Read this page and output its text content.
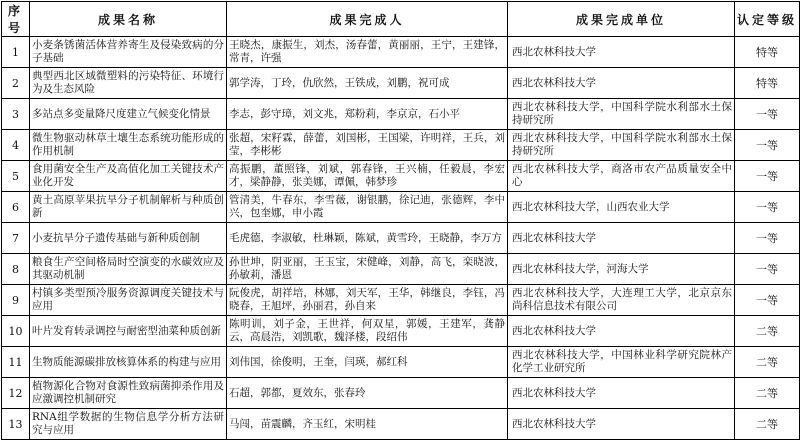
序号	成果名称	成果完成人	成果完成单位	认定等级
1	小麦条锈菌活体营养寄生及侵染致病的分子基础	王晓杰，康振生，刘杰，汤春蕾，黄丽丽，王宁，王建锋，常青，许强	西北农林科技大学	特等
2	典型西北区域微塑料的污染特征、环境行为及生态风险	郭学涛，丁玲，仇欣然，王铁成，刘鹏，祝可成	西北农林科技大学	特等
3	多站点多变量降尺度建立气候变化情景	李志，彭守璋，刘文兆，郑粉莉，李京京，石小平	西北农林科技大学，中国科学院水利部水土保持研究所	一等
4	微生物驱动林草土壤生态系统功能形成的作用机制	张超，宋籽霖，薛蕾，刘国彬，王国梁，许明祥，王兵，刘莹，李彬彬	西北农林科技大学，中国科学院水利部水土保持研究所	一等
5	食用菌安全生产及高值化加工关键技术产业化开发	高振鹏，董照锋，刘斌，郭春锋，王兴楠，任毅晨，李宏才，梁静静，张美娜，谭佩，韩梦珍	西北农林科技大学，商洛市农产品质量安全中心	一等
6	黄土高原苹果抗旱分子机制解析与种质创新	管清美，牛春东，李雪薇，谢银鹏，徐记迪，张德辉，李中兴，包奎娜，申小霞	西北农林科技大学，山西农业大学	一等
7	小麦抗旱分子遗传基础与新种质创制	毛虎德，李淑敏，杜琳颖，陈斌，黄雪玲，王晓静，李万方	西北农林科技大学	一等
8	粮食生产空间格局时空演变的水碳效应及其驱动机制	孙世坤，阴亚丽，王玉宝，宋健峰，刘静，高飞，栾晓波，孙敏莉，潘恩	西北农林科技大学，河海大学	一等
9	村镇多类型预冷服务资源调度关键技术与应用	阮俊虎，胡祥培，林娜，刘天军，王华，韩继良，李钰，冯晓春，王旭坪，孙丽君，孙自来	西北农林科技大学，大连理工大学，北京京东尚科信息技术有限公司	一等
10	叶片发育转录调控与耐密型油菜种质创新	陈明训，刘子金，王世祥，何双星，郭媛，王建军，龚静云，高晨浩，刘凯歌，魏泽楼，段绍伟	西北农林科技大学	二等
11	生物质能源碳排放核算体系的构建与应用	刘伟国，徐俊明，王奎，闫瑛，郝红科	西北农林科技大学，中国林业科学研究院林产化学工业研究所	二等
12	植物源化合物对食源性致病菌抑杀作用及应激调控机制研究	石超，郭都，夏效东，张春玲	西北农林科技大学	二等
13	RNA组学数据的生物信息学分析方法研究与应用	马闯，苗震麟，齐玉红，宋明桂	西北农林科技大学	二等
